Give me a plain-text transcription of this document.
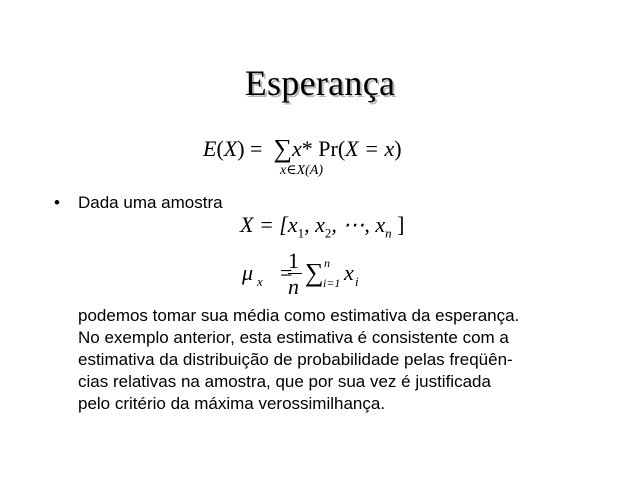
Esperança
E(X) =  ∑x* Pr(X = x)
x∈X(A)
• Dada uma amostra
$X = [x_1$, $x_2$, ⋯, $x_n$ ]
μ x =
1
n ∑ n
i=1 x i
podemos tomar sua média como estimativa da esperança.
No exemplo anterior, esta estimativa é consistente com a
estimativa da distribuição de probabilidade pelas freqüên-
cias relativas na amostra, que por sua vez é justificada
pelo critério da máxima verossimilhança.
